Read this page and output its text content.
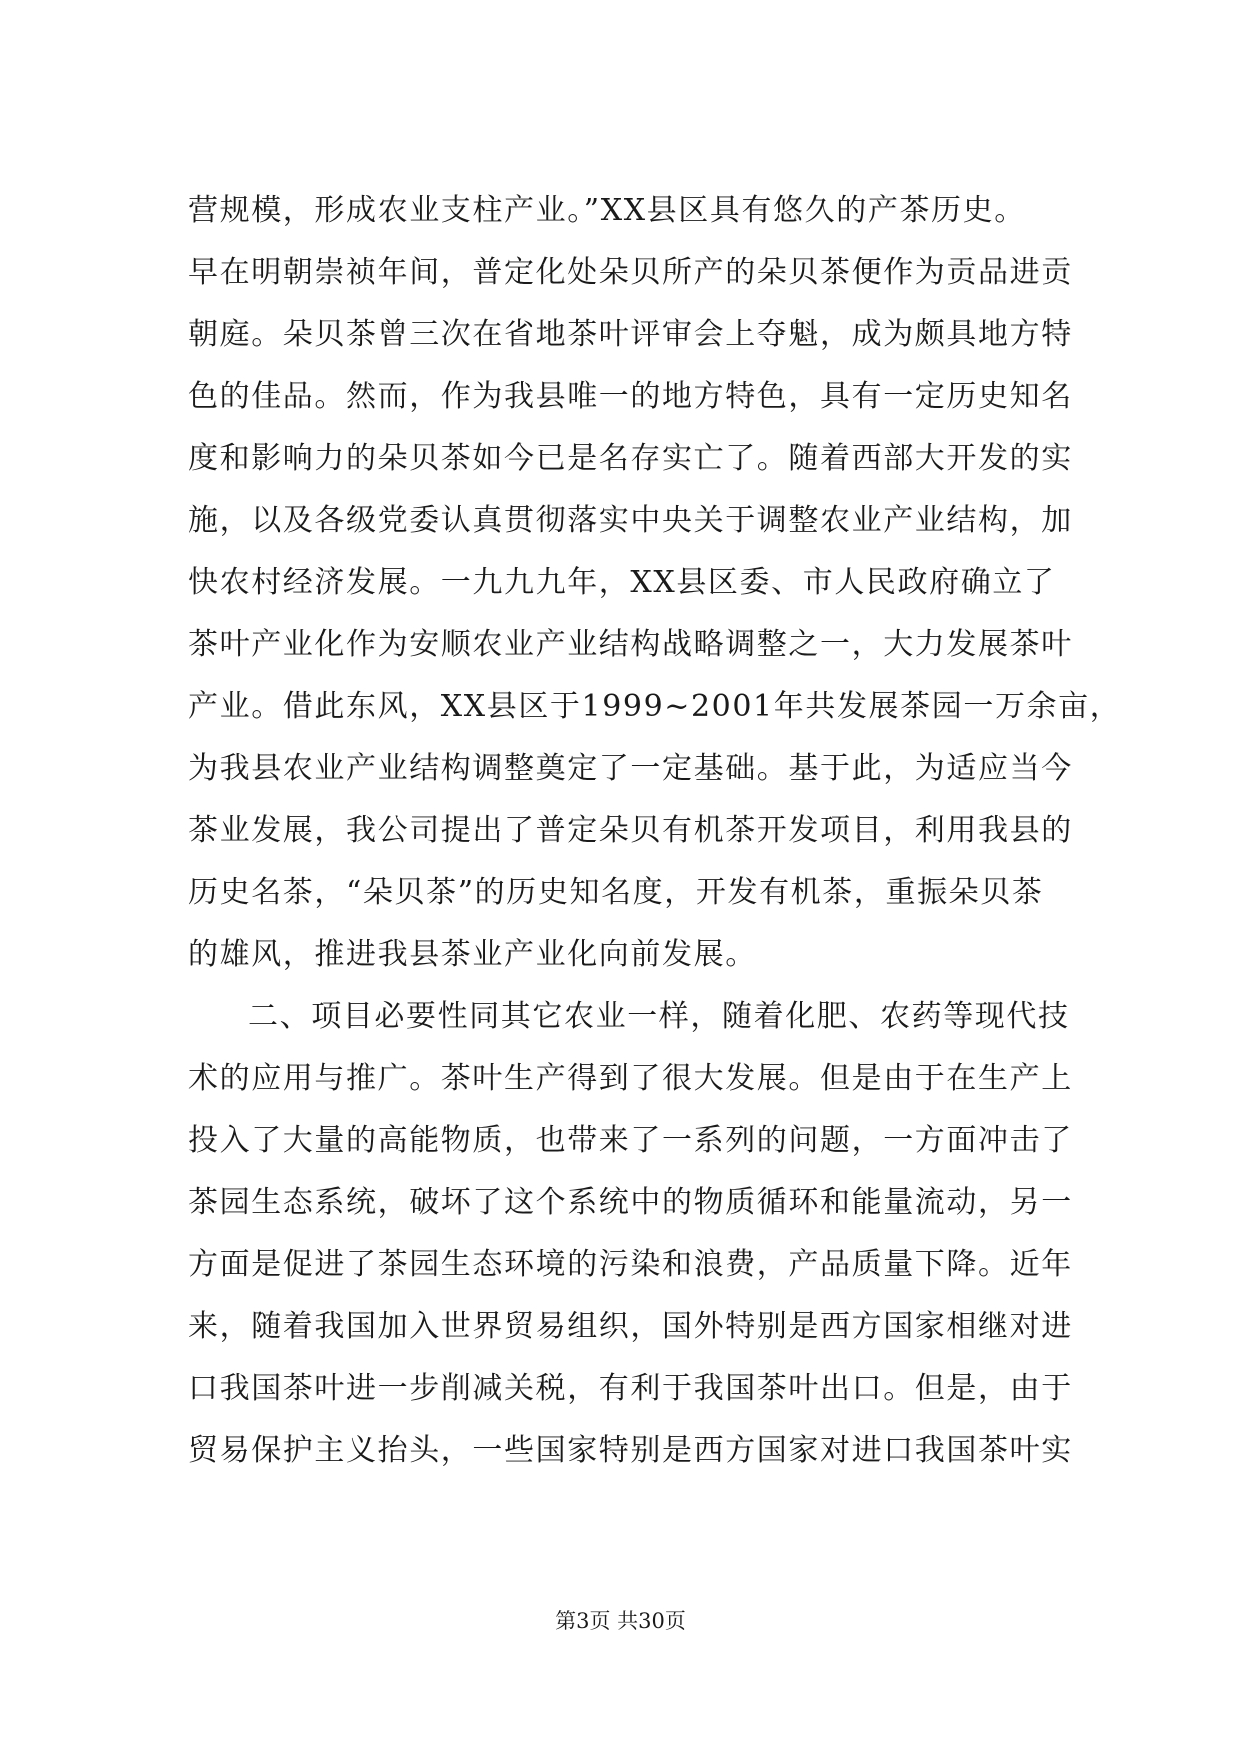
营规模，形成农业支柱产业。”XX县区具有悠久的产茶历史。
早在明朝崇祯年间，普定化处朵贝所产的朵贝茶便作为贡品进贡
朝庭。朵贝茶曾三次在省地茶叶评审会上夺魁，成为颇具地方特
色的佳品。然而，作为我县唯一的地方特色，具有一定历史知名
度和影响力的朵贝茶如今已是名存实亡了。随着西部大开发的实
施，以及各级党委认真贯彻落实中央关于调整农业产业结构，加
快农村经济发展。一九九九年，XX县区委、市人民政府确立了
茶叶产业化作为安顺农业产业结构战略调整之一，大力发展茶叶
产业。借此东风，XX县区于1999~2001年共发展茶园一万余亩，
为我县农业产业结构调整奠定了一定基础。基于此，为适应当今
茶业发展，我公司提出了普定朵贝有机茶开发项目，利用我县的
历史名茶，“朵贝茶”的历史知名度，开发有机茶，重振朵贝茶
的雄风，推进我县茶业产业化向前发展。
二、项目必要性同其它农业一样，随着化肥、农药等现代技
术的应用与推广。茶叶生产得到了很大发展。但是由于在生产上
投入了大量的高能物质，也带来了一系列的问题，一方面冲击了
茶园生态系统，破坏了这个系统中的物质循环和能量流动，另一
方面是促进了茶园生态环境的污染和浪费，产品质量下降。近年
来，随着我国加入世界贸易组织，国外特别是西方国家相继对进
口我国茶叶进一步削减关税，有利于我国茶叶出口。但是，由于
贸易保护主义抬头，一些国家特别是西方国家对进口我国茶叶实
第3页 共30页
